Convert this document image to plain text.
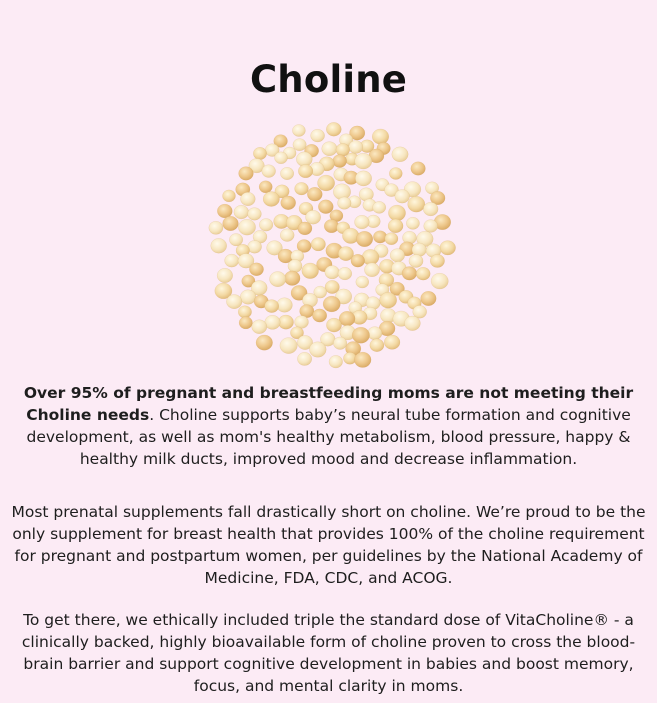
Choline

Over 95% of pregnant and breastfeeding moms are not meeting their
Choline needs. Choline supports baby’s neural tube formation and cognitive
development, as well as mom's healthy metabolism, blood pressure, happy &
healthy milk ducts, improved mood and decrease inflammation.

Most prenatal supplements fall drastically short on choline. We’re proud to be the
only supplement for breast health that provides 100% of the choline requirement
for pregnant and postpartum women, per guidelines by the National Academy of
Medicine, FDA, CDC, and ACOG.

To get there, we ethically included triple the standard dose of VitaCholine® - a
clinically backed, highly bioavailable form of choline proven to cross the blood-
brain barrier and support cognitive development in babies and boost memory,
focus, and mental clarity in moms.
